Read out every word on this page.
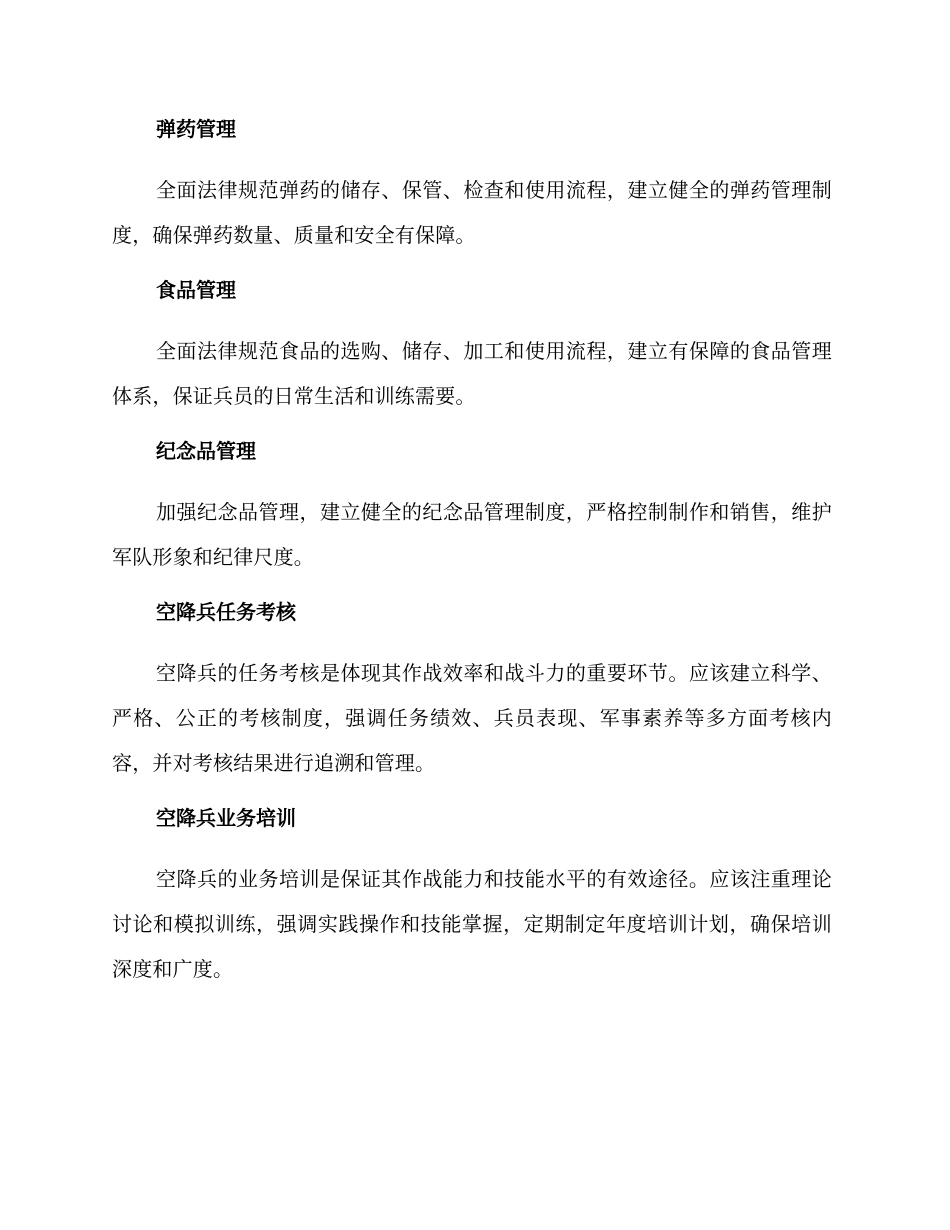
弹药管理

全面法律规范弹药的储存、保管、检查和使用流程，建立健全的弹药管理制度，确保弹药数量、质量和安全有保障。

食品管理

全面法律规范食品的选购、储存、加工和使用流程，建立有保障的食品管理体系，保证兵员的日常生活和训练需要。

纪念品管理

加强纪念品管理，建立健全的纪念品管理制度，严格控制制作和销售，维护军队形象和纪律尺度。

空降兵任务考核

空降兵的任务考核是体现其作战效率和战斗力的重要环节。应该建立科学、严格、公正的考核制度，强调任务绩效、兵员表现、军事素养等多方面考核内容，并对考核结果进行追溯和管理。

空降兵业务培训

空降兵的业务培训是保证其作战能力和技能水平的有效途径。应该注重理论讨论和模拟训练，强调实践操作和技能掌握，定期制定年度培训计划，确保培训深度和广度。
